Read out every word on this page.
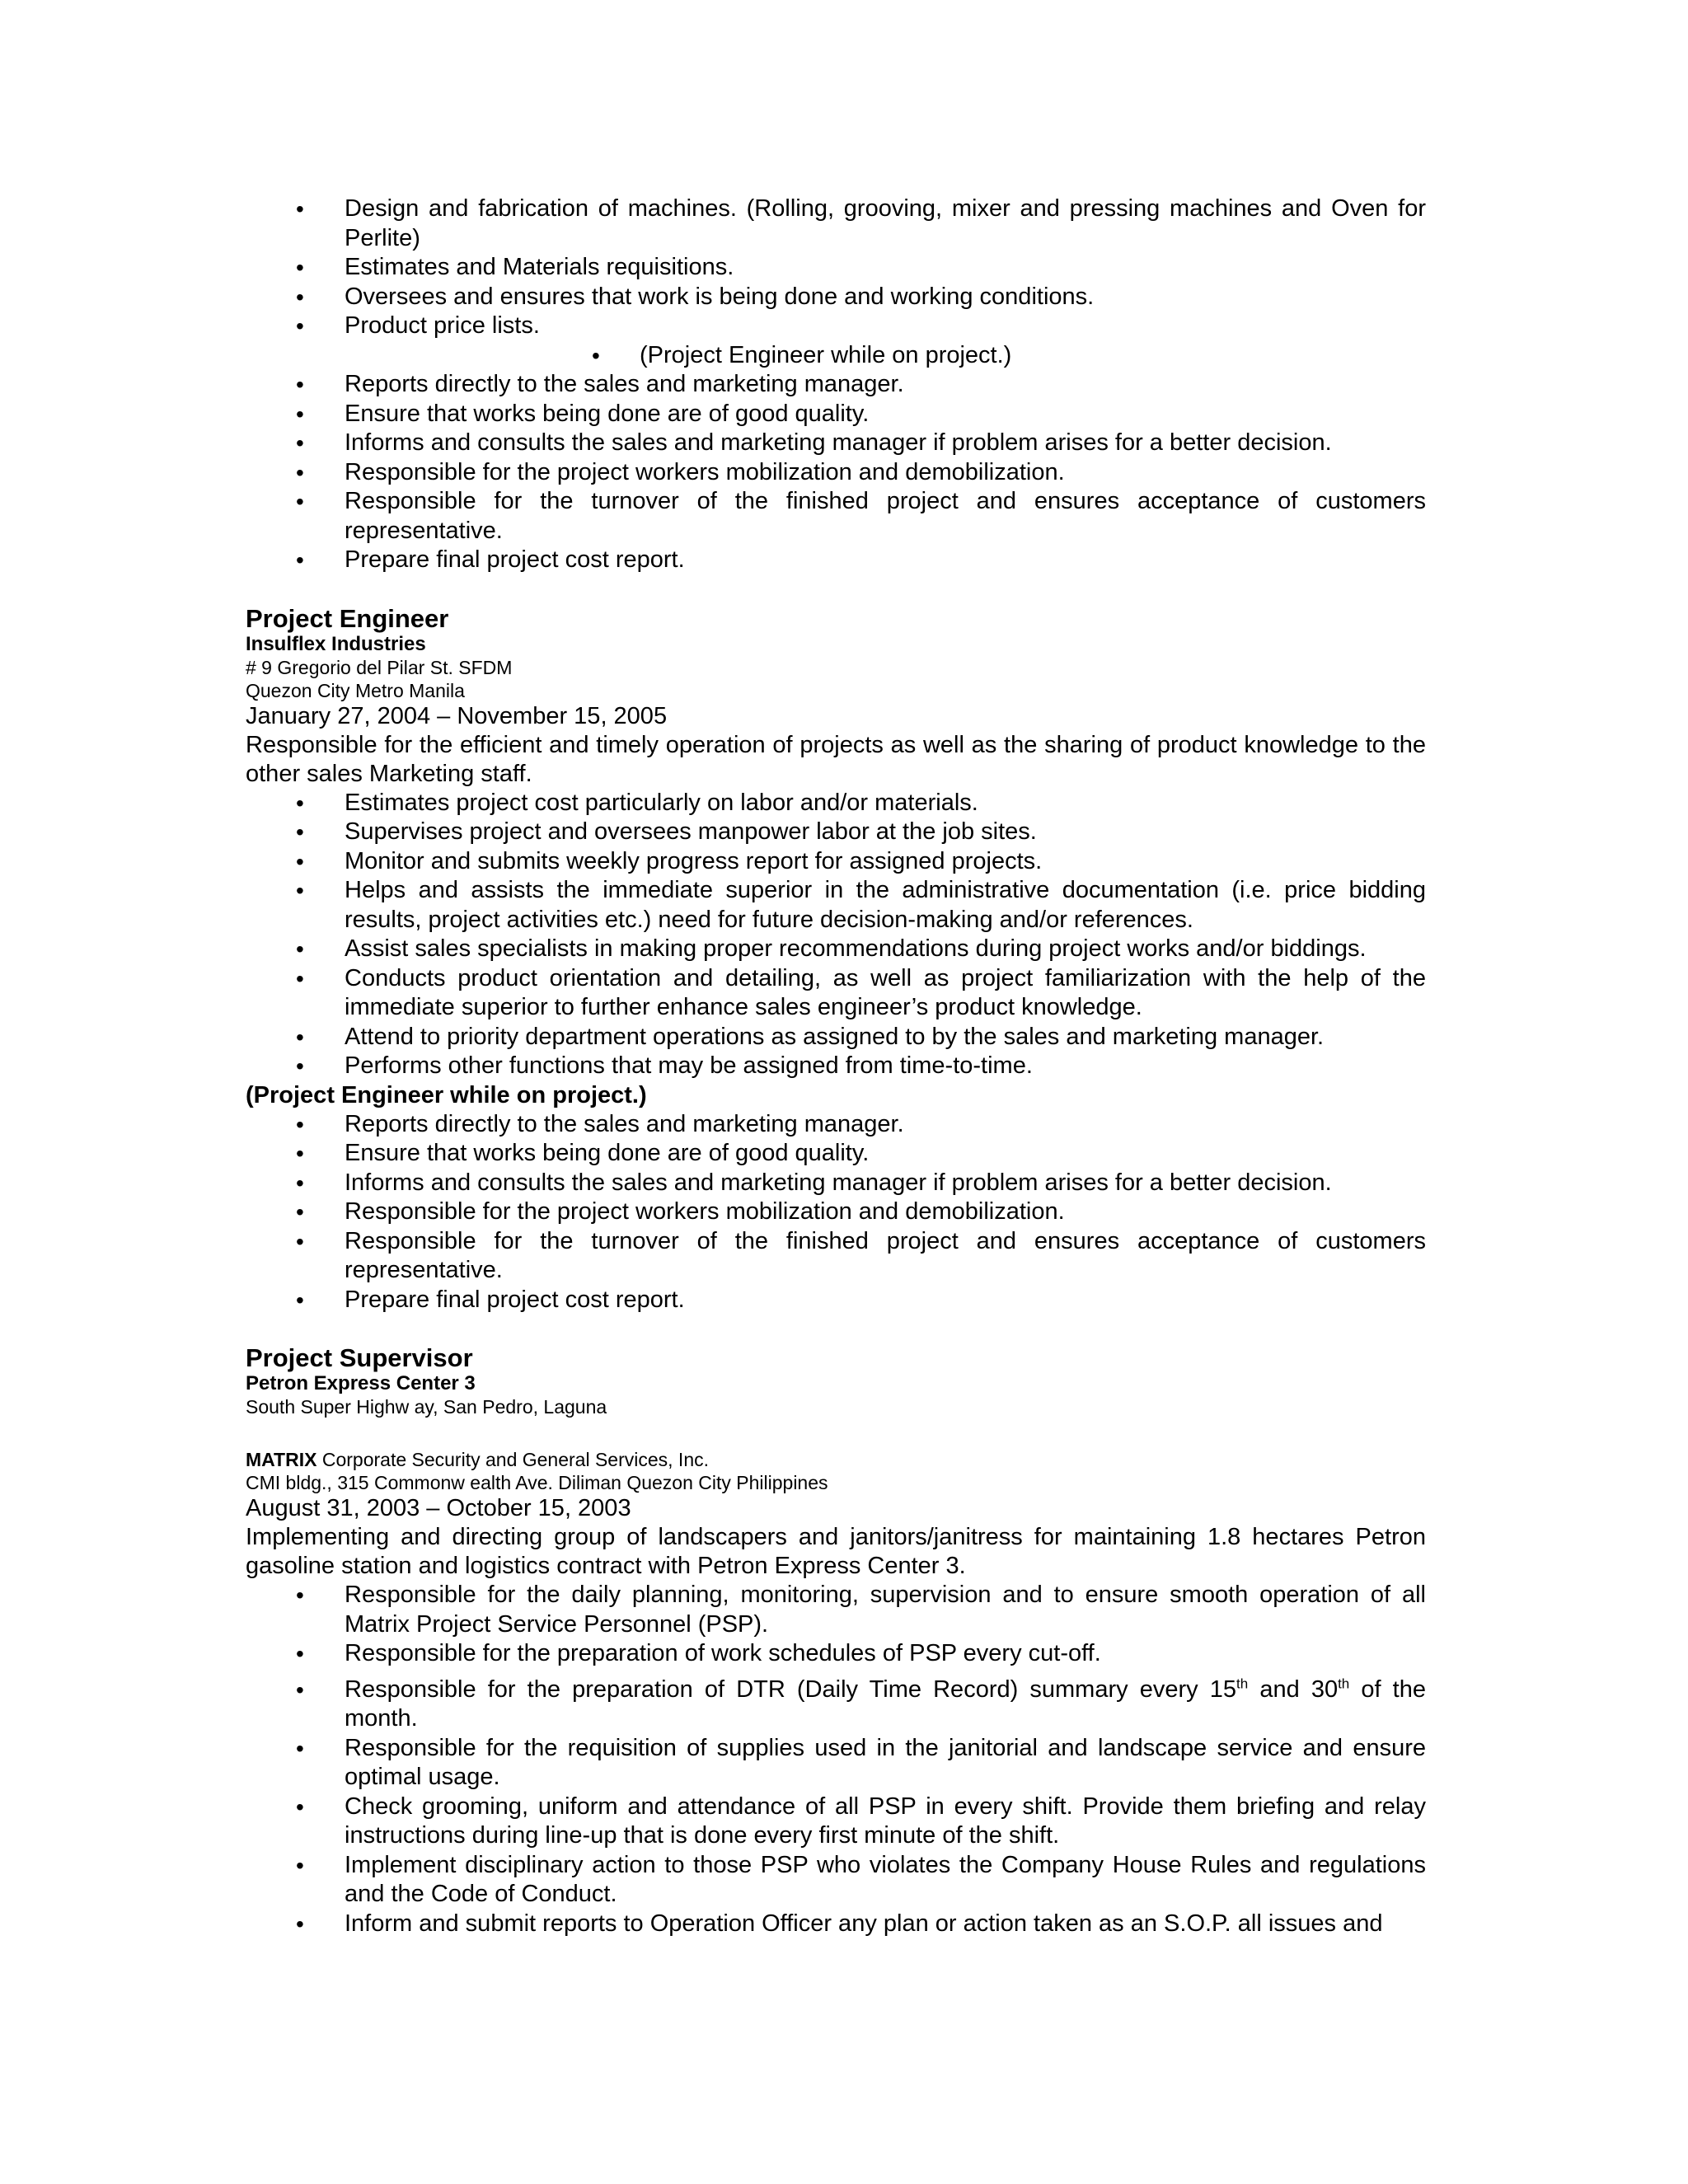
• Design and fabrication of machines. (Rolling, grooving, mixer and pressing machines and Oven for Perlite)
• Estimates and Materials requisitions.
• Oversees and ensures that work is being done and working conditions.
• Product price lists.
• (Project Engineer while on project.)
• Reports directly to the sales and marketing manager.
• Ensure that works being done are of good quality.
• Informs and consults the sales and marketing manager if problem arises for a better decision.
• Responsible for the project workers mobilization and demobilization.
• Responsible for the turnover of the finished project and ensures acceptance of customers representative.
• Prepare final project cost report.

Project Engineer

Insulflex Industries

# 9 Gregorio del Pilar St. SFDM

Quezon City Metro Manila

January 27, 2004 – November 15, 2005

Responsible for the efficient and timely operation of projects as well as the sharing of product knowledge to the other sales Marketing staff.

• Estimates project cost particularly on labor and/or materials.
• Supervises project and oversees manpower labor at the job sites.
• Monitor and submits weekly progress report for assigned projects.
• Helps and assists the immediate superior in the administrative documentation (i.e. price bidding results, project activities etc.) need for future decision-making and/or references.
• Assist sales specialists in making proper recommendations during project works and/or biddings.
• Conducts product orientation and detailing, as well as project familiarization with the help of the immediate superior to further enhance sales engineer’s product knowledge.
• Attend to priority department operations as assigned to by the sales and marketing manager.
• Performs other functions that may be assigned from time-to-time.

(Project Engineer while on project.)

• Reports directly to the sales and marketing manager.
• Ensure that works being done are of good quality.
• Informs and consults the sales and marketing manager if problem arises for a better decision.
• Responsible for the project workers mobilization and demobilization.
• Responsible for the turnover of the finished project and ensures acceptance of customers representative.
• Prepare final project cost report.

Project Supervisor

Petron Express Center 3

South Super Highw ay, San Pedro, Laguna

MATRIX Corporate Security and General Services, Inc.

CMI bldg., 315 Commonw ealth Ave. Diliman Quezon City Philippines

August 31, 2003 – October 15, 2003

Implementing and directing group of landscapers and janitors/janitress for maintaining 1.8 hectares Petron gasoline station and logistics contract with Petron Express Center 3.

• Responsible for the daily planning, monitoring, supervision and to ensure smooth operation of all Matrix Project Service Personnel (PSP).
• Responsible for the preparation of work schedules of PSP every cut-off.
• Responsible for the preparation of DTR (Daily Time Record) summary every 15th and 30th of the month.
• Responsible for the requisition of supplies used in the janitorial and landscape service and ensure optimal usage.
• Check grooming, uniform and attendance of all PSP in every shift. Provide them briefing and relay instructions during line-up that is done every first minute of the shift.
• Implement disciplinary action to those PSP who violates the Company House Rules and regulations and the Code of Conduct.
• Inform and submit reports to Operation Officer any plan or action taken as an S.O.P. all issues and
